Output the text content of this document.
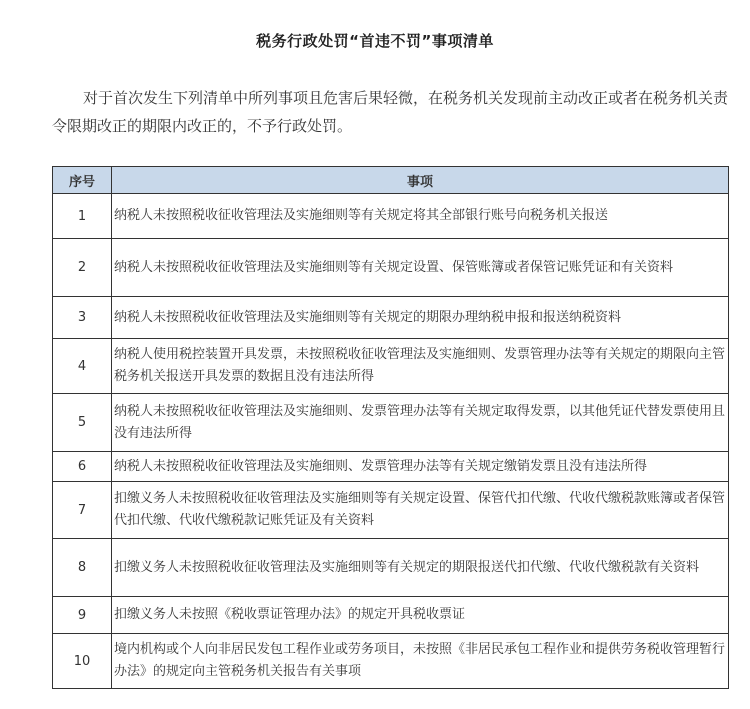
税务行政处罚“首违不罚”事项清单
对于首次发生下列清单中所列事项且危害后果轻微，在税务机关发现前主动改正或者在税务机关责令限期改正的期限内改正的，不予行政处罚。
序号	事项
1	纳税人未按照税收征收管理法及实施细则等有关规定将其全部银行账号向税务机关报送
2	纳税人未按照税收征收管理法及实施细则等有关规定设置、保管账簿或者保管记账凭证和有关资料
3	纳税人未按照税收征收管理法及实施细则等有关规定的期限办理纳税申报和报送纳税资料
4	纳税人使用税控装置开具发票，未按照税收征收管理法及实施细则、发票管理办法等有关规定的期限向主管税务机关报送开具发票的数据且没有违法所得
5	纳税人未按照税收征收管理法及实施细则、发票管理办法等有关规定取得发票，以其他凭证代替发票使用且没有违法所得
6	纳税人未按照税收征收管理法及实施细则、发票管理办法等有关规定缴销发票且没有违法所得
7	扣缴义务人未按照税收征收管理法及实施细则等有关规定设置、保管代扣代缴、代收代缴税款账簿或者保管代扣代缴、代收代缴税款记账凭证及有关资料
8	扣缴义务人未按照税收征收管理法及实施细则等有关规定的期限报送代扣代缴、代收代缴税款有关资料
9	扣缴义务人未按照《税收票证管理办法》的规定开具税收票证
10	境内机构或个人向非居民发包工程作业或劳务项目，未按照《非居民承包工程作业和提供劳务税收管理暂行办法》的规定向主管税务机关报告有关事项
